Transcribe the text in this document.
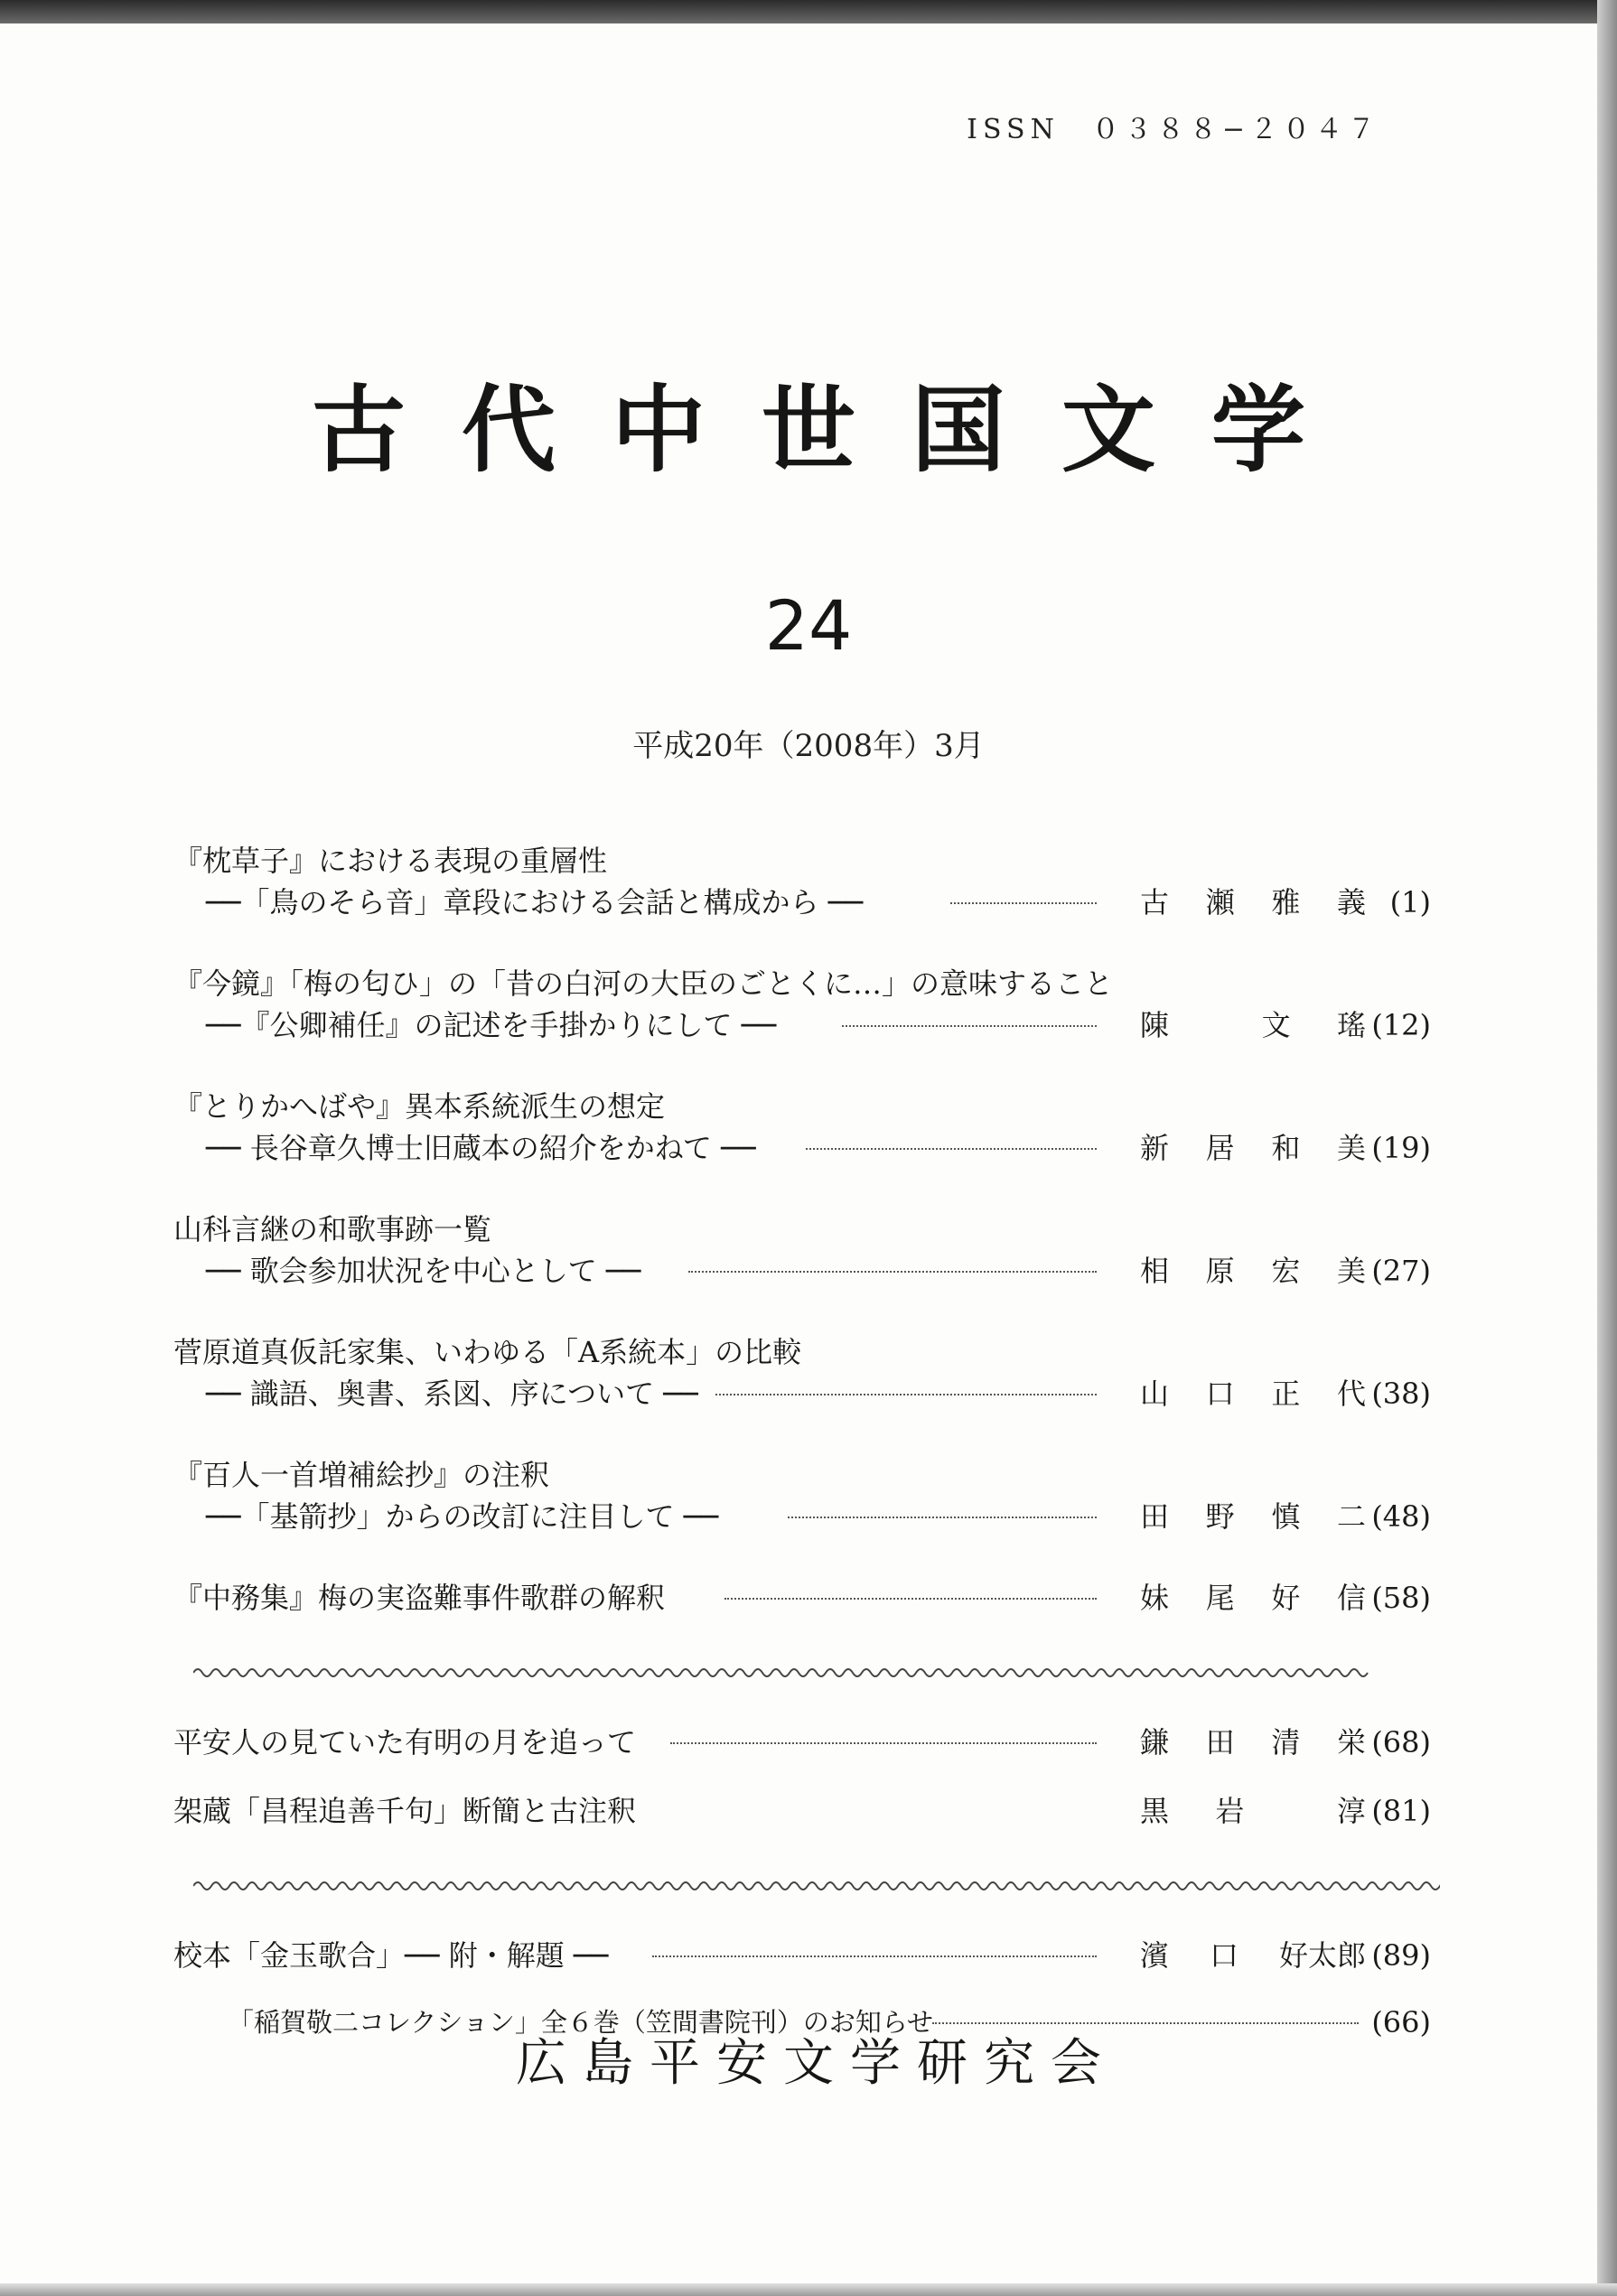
ISSN　０３８８−２０４７
古代中世国文学
24
平成20年（2008年）3月
『枕草子』における表現の重層性
──「鳥のそら音」章段における会話と構成から ──	古 瀬 雅 義 (1)
『今鏡』「梅の匂ひ」の「昔の白河の大臣のごとくに…」の意味すること
──『公卿補任』の記述を手掛かりにして ──	陳	文 瑤 (12)
『とりかへばや』異本系統派生の想定
── 長谷章久博士旧蔵本の紹介をかねて ──	新 居 和 美 (19)
山科言継の和歌事跡一覧
── 歌会参加状況を中心として ──	相 原 宏 美 (27)
菅原道真仮託家集、いわゆる「A系統本」の比較
── 識語、奥書、系図、序について ──	山 口 正 代 (38)
『百人一首増補絵抄』の注釈
──「基箭抄」からの改訂に注目して ──	田 野 慎 二 (48)
『中務集』梅の実盗難事件歌群の解釈	妹 尾 好 信 (58)
平安人の見ていた有明の月を追って	鎌 田 清 栄 (68)
架蔵「昌程追善千句」断簡と古注釈	黒 岩	淳 (81)
校本「金玉歌合」── 附・解題 ──	濱 口 好太郎 (89)
「稲賀敬二コレクション」全６巻（笠間書院刊）のお知らせ	(66)
広島平安文学研究会
